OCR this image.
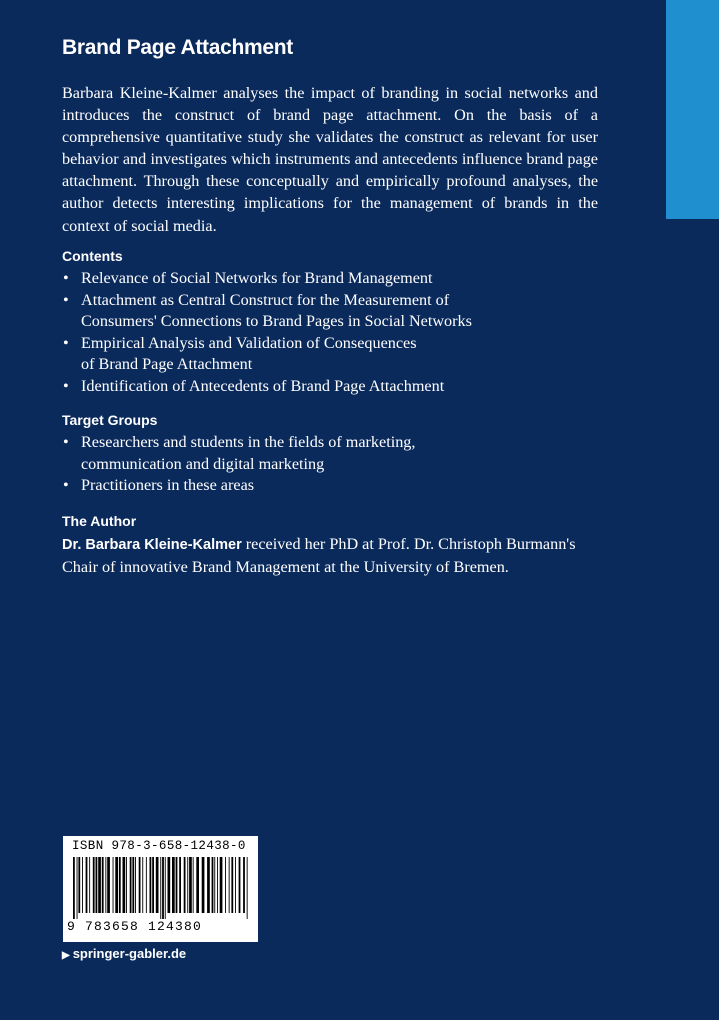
Brand Page Attachment

Barbara Kleine-Kalmer analyses the impact of branding in social networks and introduces the construct of brand page attachment. On the basis of a comprehensive quantitative study she validates the construct as relevant for user behavior and investigates which instruments and antecedents influence brand page attachment. Through these conceptually and empirically profound analyses, the author detects interesting implications for the management of brands in the context of social media.

Contents
• Relevance of Social Networks for Brand Management
• Attachment as Central Construct for the Measurement of
Consumers' Connections to Brand Pages in Social Networks
• Empirical Analysis and Validation of Consequences
of Brand Page Attachment
• Identification of Antecedents of Brand Page Attachment
Target Groups
• Researchers and students in the fields of marketing,
communication and digital marketing
• Practitioners in these areas
The Author

Dr. Barbara Kleine-Kalmer received her PhD at Prof. Dr. Christoph Burmann's
Chair of innovative Brand Management at the University of Bremen.

ISBN 978-3-658-12438-0
9 783658 124380
▶ springer-gabler.de
